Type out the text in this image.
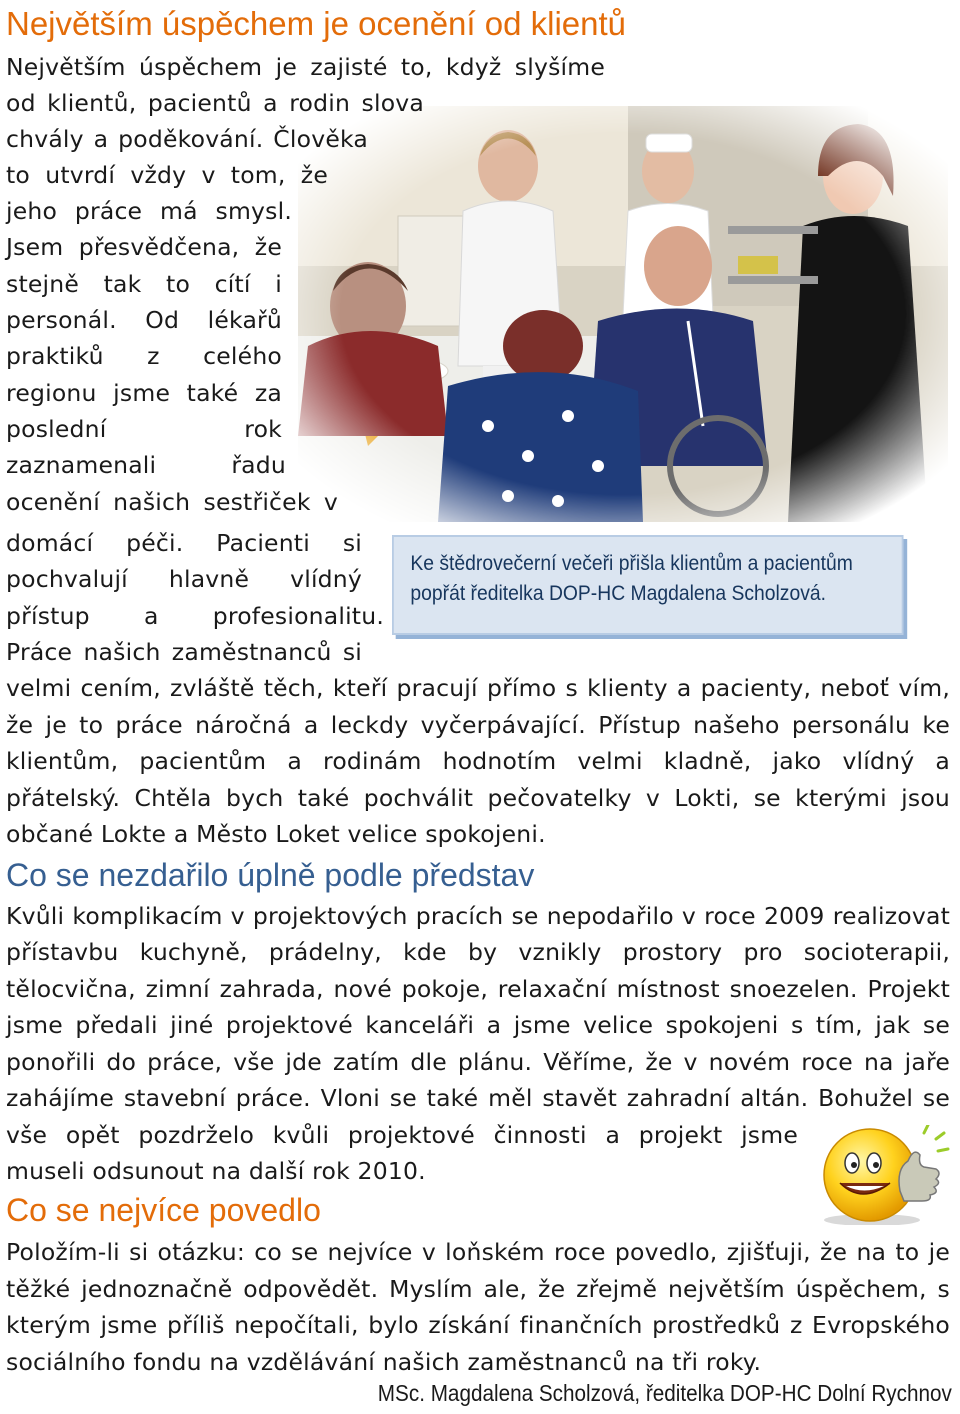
Největším úspěchem je ocenění od klientů
Největším úspěchem je zajisté to, když slyšíme
od klientů, pacientů a rodin slova
chvály a poděkování. Člověka
to utvrdí vždy v tom, že
jeho práce má smysl.
Jsem přesvědčena, že
stejně tak to cítí i
personál. Od lékařů
praktiků z celého
regionu jsme také za
poslední rok
zaznamenali řadu
ocenění našich sestřiček v
domácí péči. Pacienti si
pochvalují hlavně vlídný
přístup a profesionalitu.
Práce našich zaměstnanců si
velmi cením, zvláště těch, kteří pracují přímo s klienty a pacienty, neboť vím,
že je to práce náročná a leckdy vyčerpávající. Přístup našeho personálu ke
klientům, pacientům a rodinám hodnotím velmi kladně, jako vlídný a
přátelský. Chtěla bych také pochválit pečovatelky v Lokti, se kterými jsou
občané Lokte a Město Loket velice spokojeni.
Ke štědrovečerní večeři přišla klientům a pacientům
popřát ředitelka DOP-HC Magdalena Scholzová.
Co se nezdařilo úplně podle představ
Kvůli komplikacím v projektových pracích se nepodařilo v roce 2009 realizovat
přístavbu kuchyně, prádelny, kde by vznikly prostory pro socioterapii,
tělocvična, zimní zahrada, nové pokoje, relaxační místnost snoezelen. Projekt
jsme předali jiné projektové kanceláři a jsme velice spokojeni s tím, jak se
ponořili do práce, vše jde zatím dle plánu. Věříme, že v novém roce na jaře
zahájíme stavební práce. Vloni se také měl stavět zahradní altán. Bohužel se
vše opět pozdrželo kvůli projektové činnosti a projekt jsme
museli odsunout na další rok 2010.
Co se nejvíce povedlo
Položím-li si otázku: co se nejvíce v loňském roce povedlo, zjišťuji, že na to je
těžké jednoznačně odpovědět. Myslím ale, že zřejmě největším úspěchem, s
kterým jsme příliš nepočítali, bylo získání finančních prostředků z Evropského
sociálního fondu na vzdělávání našich zaměstnanců na tři roky.
MSc. Magdalena Scholzová, ředitelka DOP-HC Dolní Rychnov
